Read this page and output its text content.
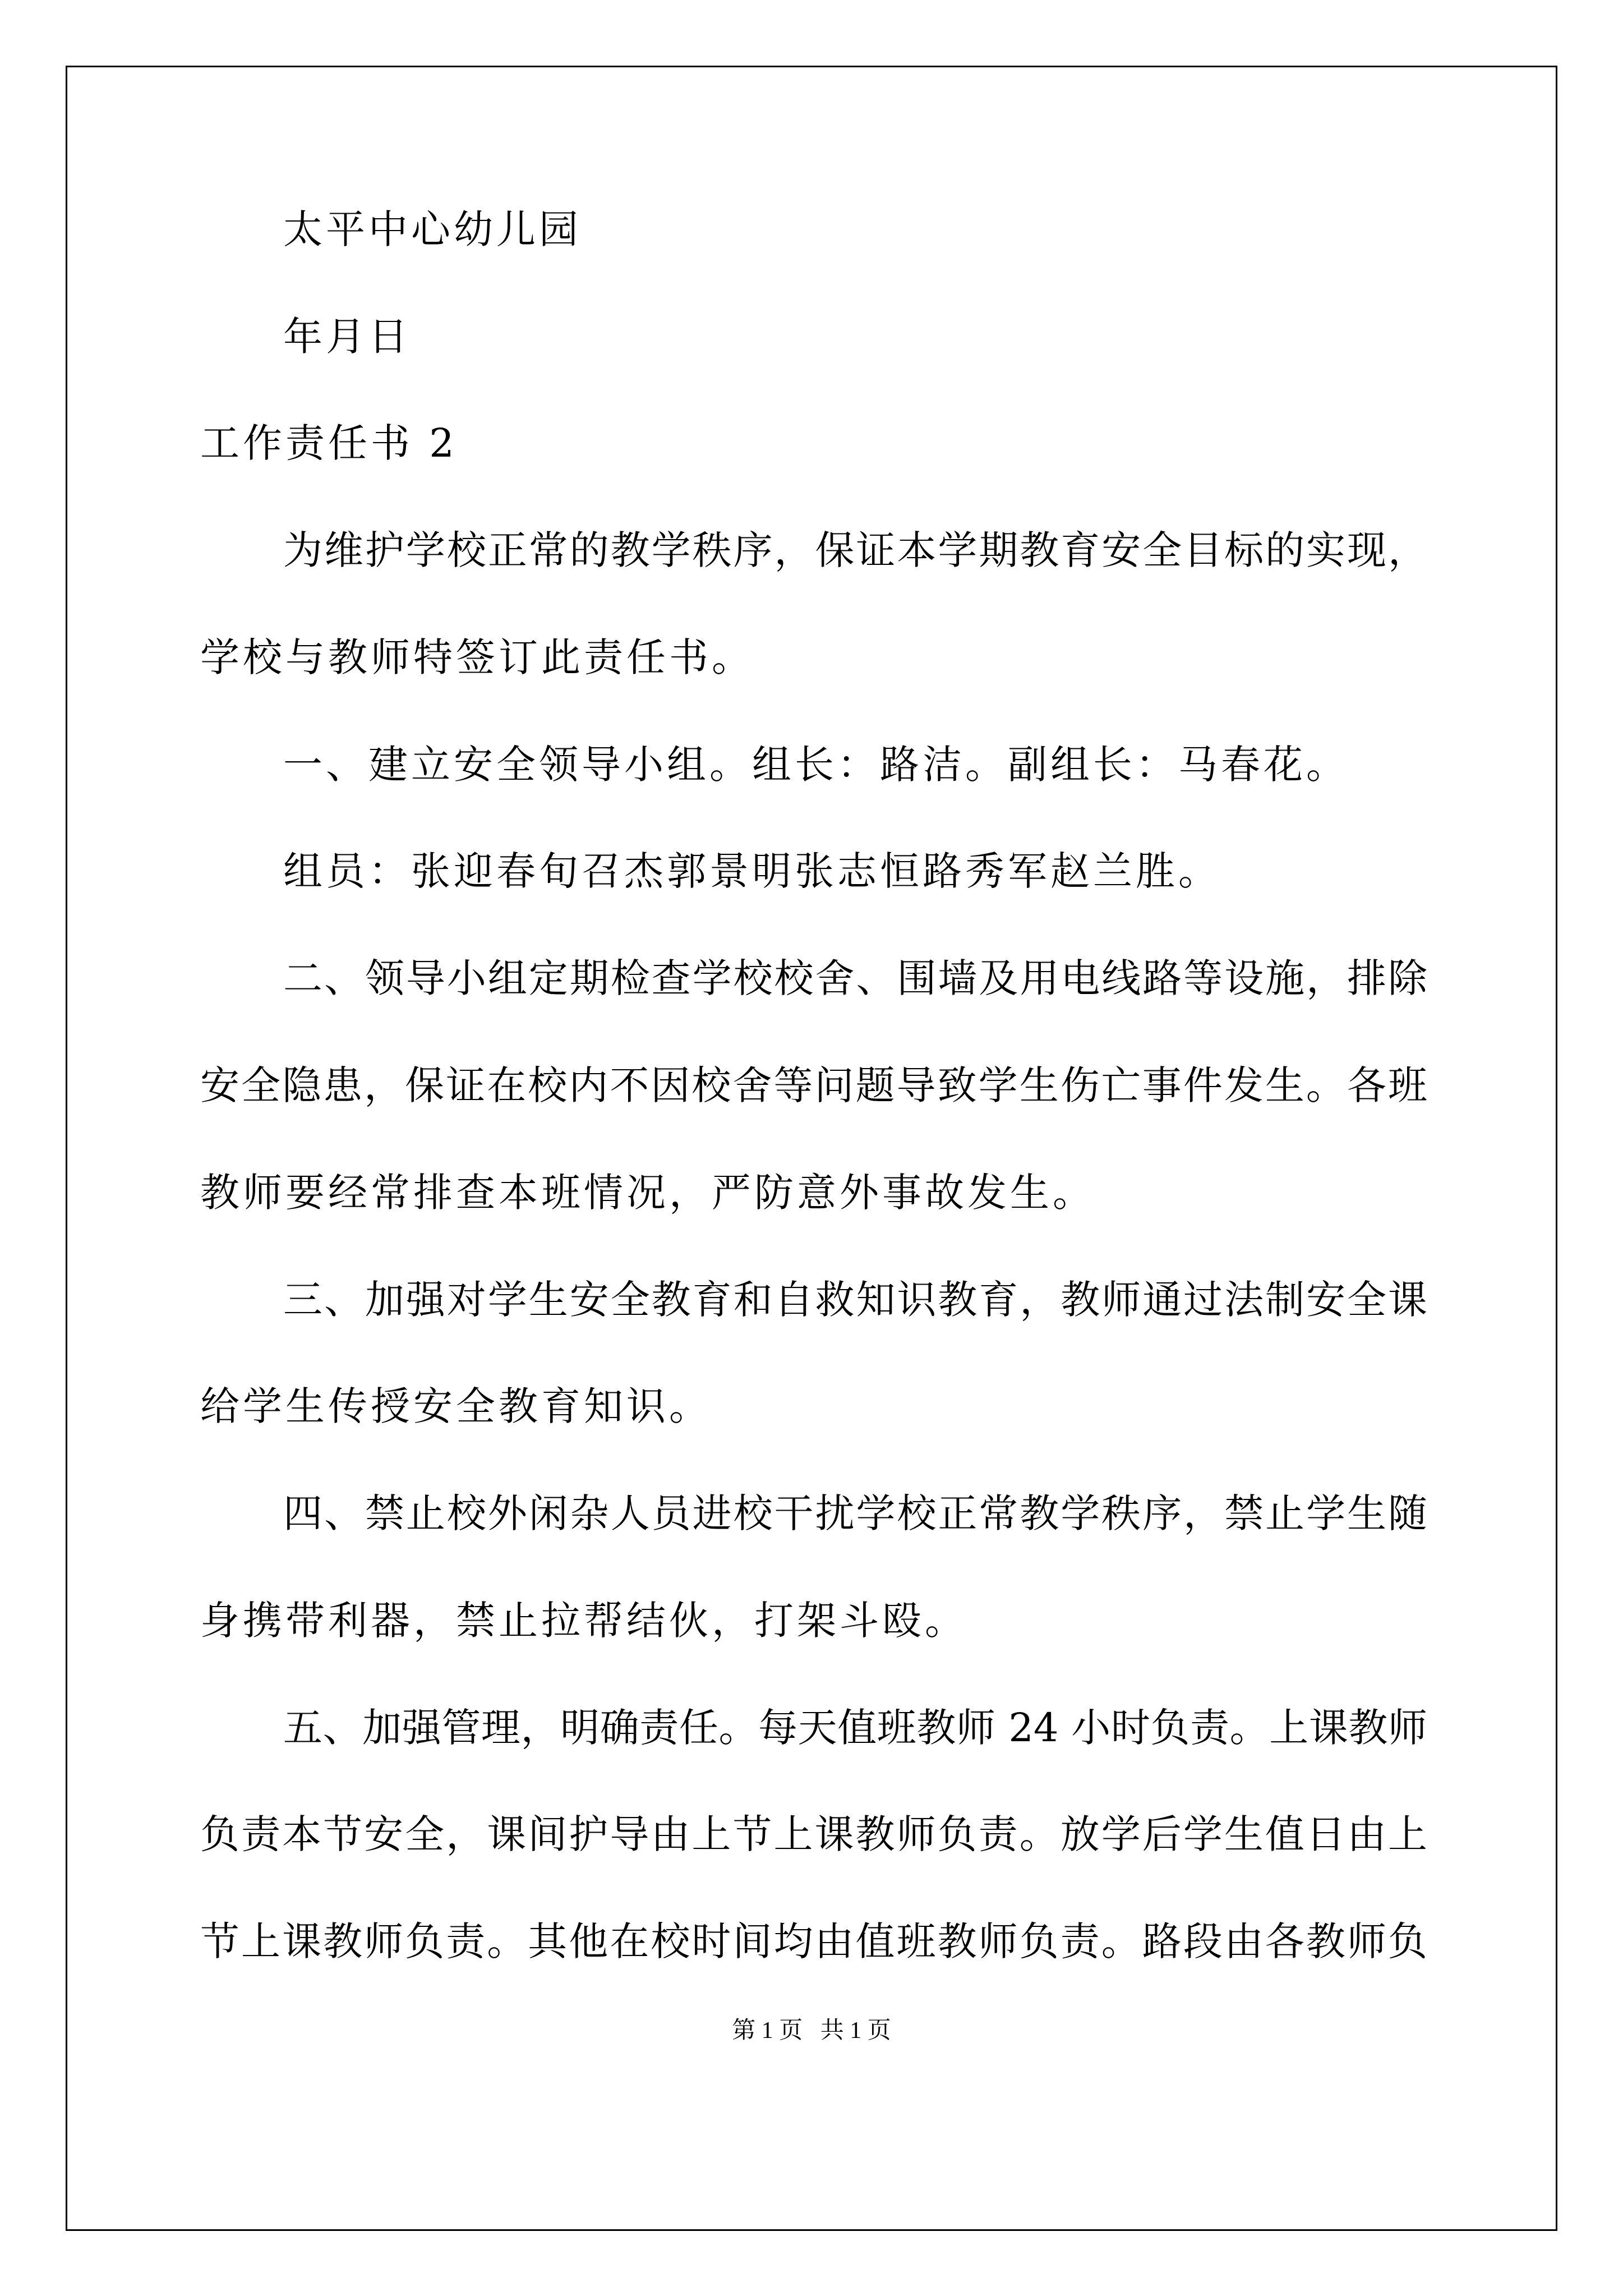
太平中心幼儿园
年月日
工作责任书 2
为维护学校正常的教学秩序，保证本学期教育安全目标的实现，
学校与教师特签订此责任书。
一、建立安全领导小组。组长：路洁。副组长：马春花。
组员：张迎春旬召杰郭景明张志恒路秀军赵兰胜。
二、领导小组定期检查学校校舍、围墙及用电线路等设施，排除
安全隐患，保证在校内不因校舍等问题导致学生伤亡事件发生。各班
教师要经常排查本班情况，严防意外事故发生。
三、加强对学生安全教育和自救知识教育，教师通过法制安全课
给学生传授安全教育知识。
四、禁止校外闲杂人员进校干扰学校正常教学秩序，禁止学生随
身携带利器，禁止拉帮结伙，打架斗殴。
五、加强管理，明确责任。每天值班教师 24 小时负责。上课教师
负责本节安全，课间护导由上节上课教师负责。放学后学生值日由上
节上课教师负责。其他在校时间均由值班教师负责。路段由各教师负
第 1 页   共 1 页
